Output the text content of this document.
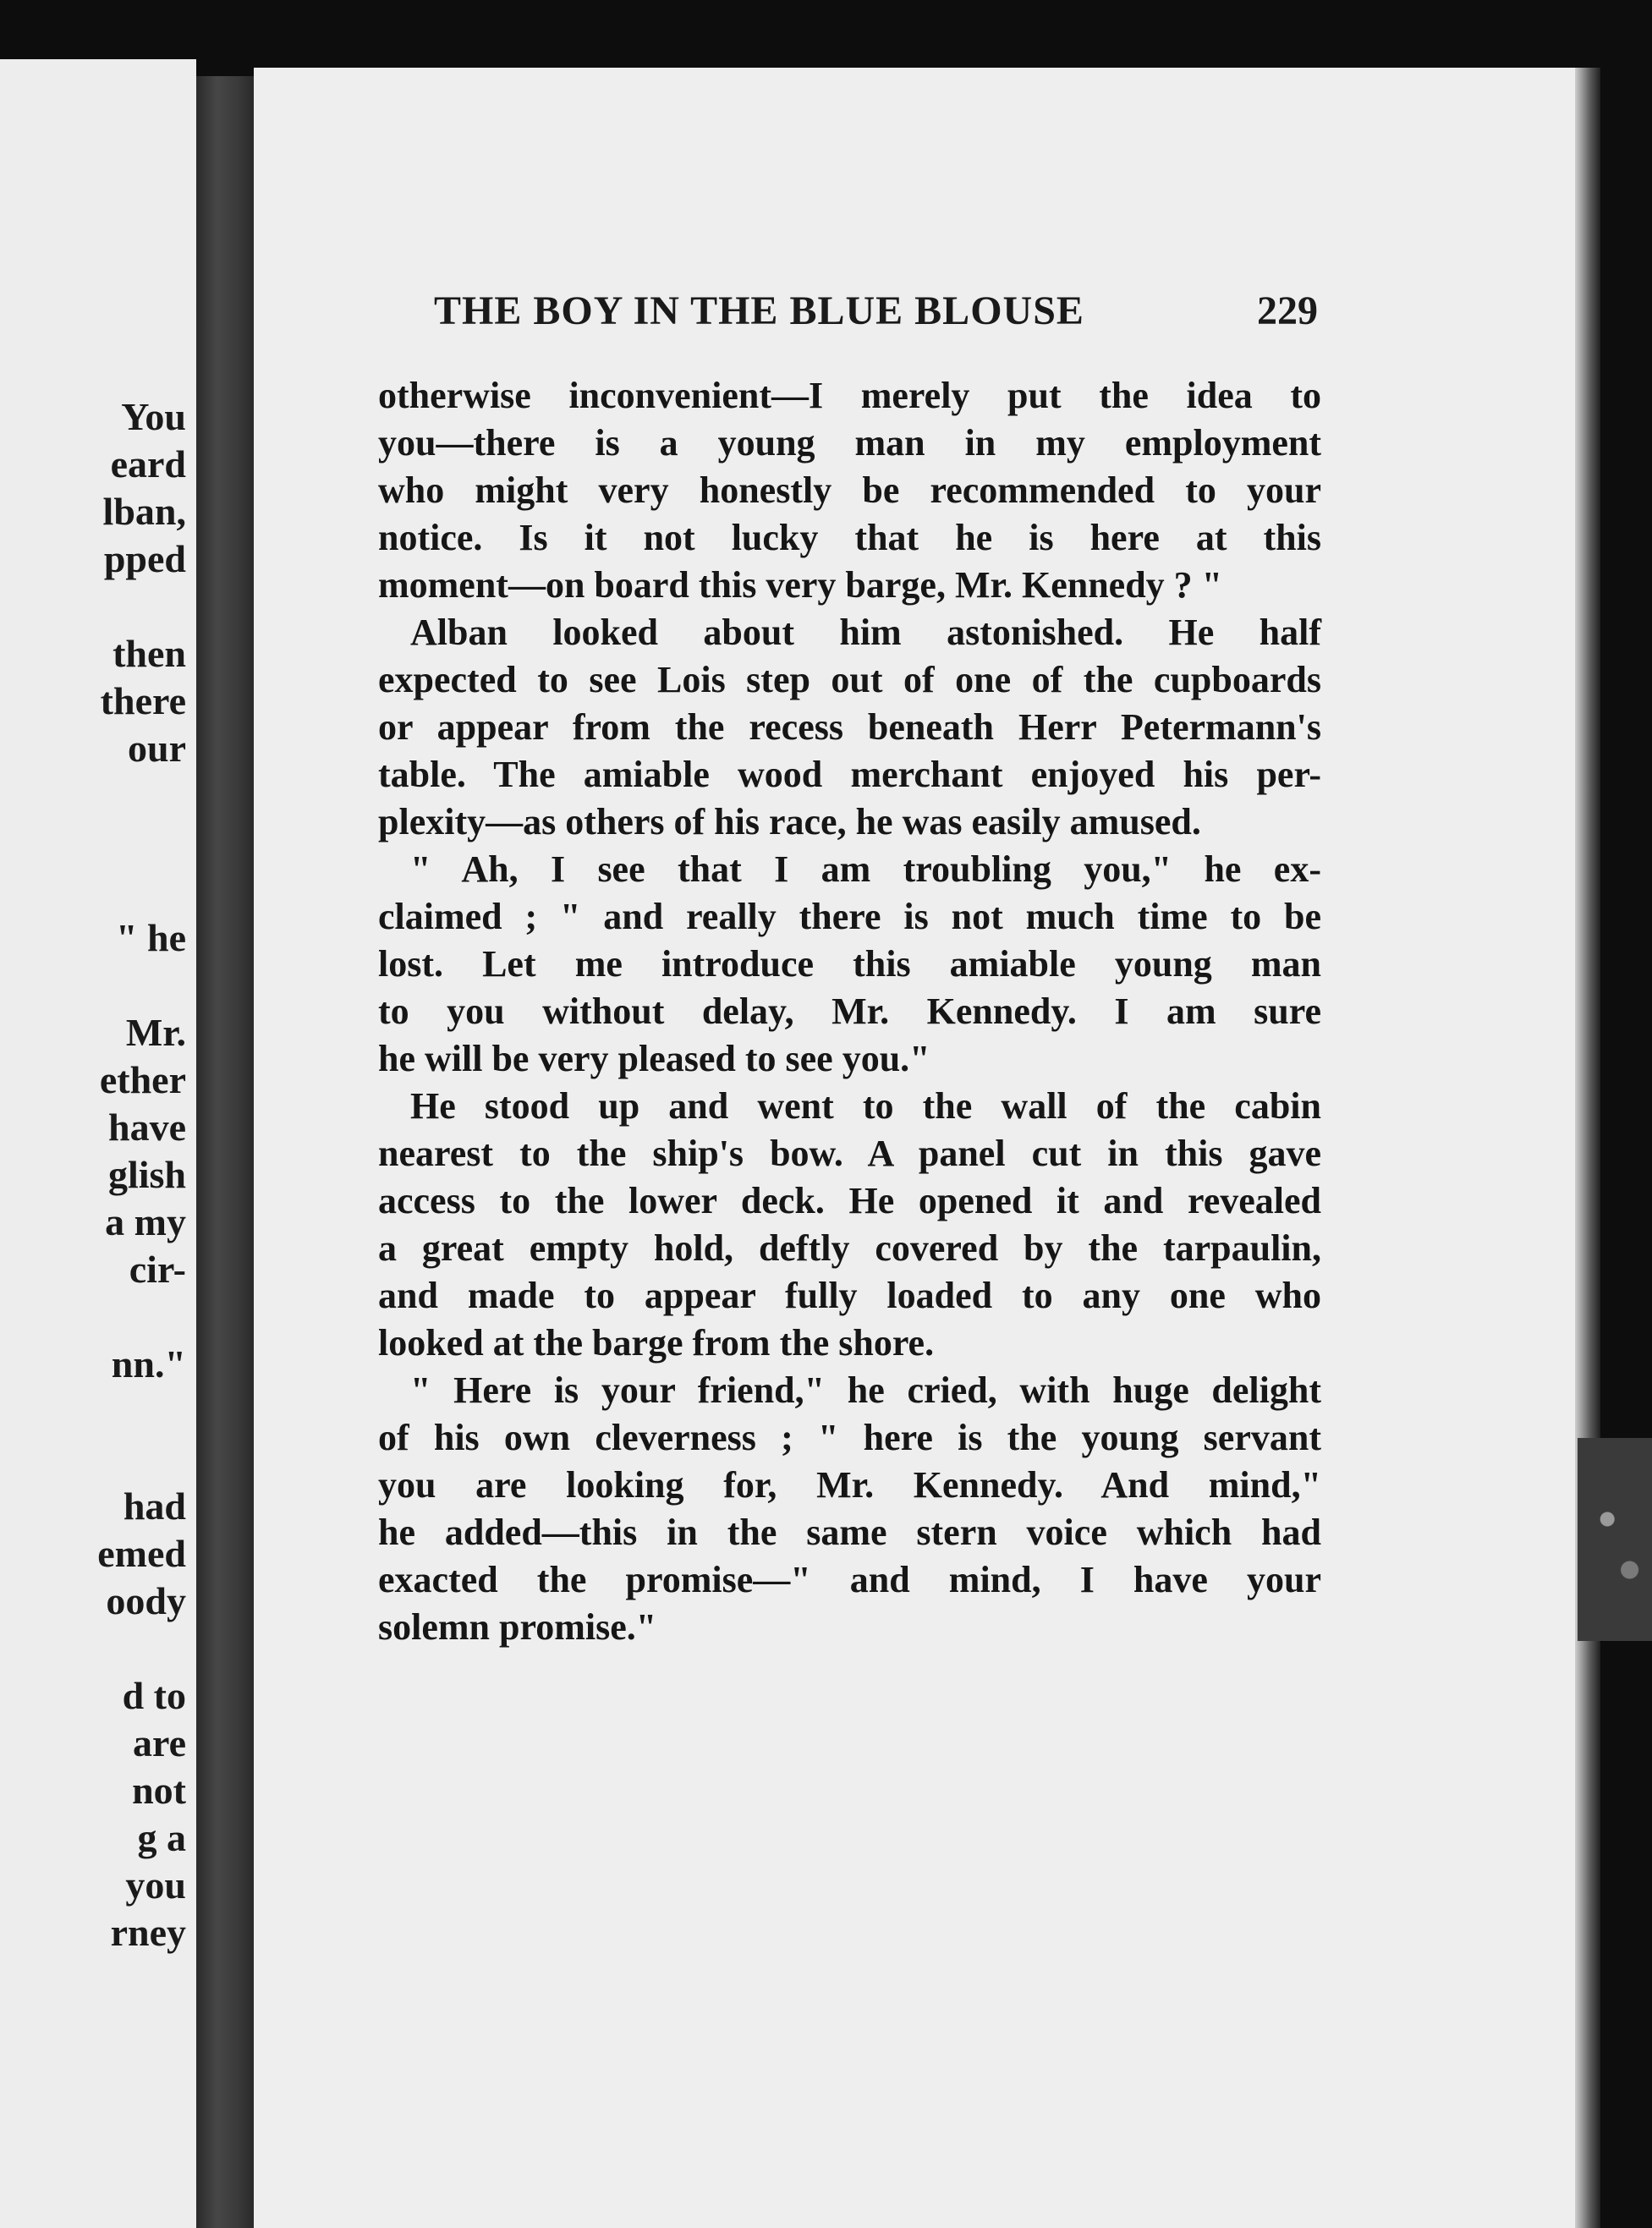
You
eard
lban,
pped
then
there
our
" he
Mr.
ether
have
glish
a my
cir-
nn."
had
emed
oody
d to
are
not
g a
you
rney
THE BOY IN THE BLUE BLOUSE	229
otherwise inconvenient—I merely put the idea to
you—there is a young man in my employment
who might very honestly be recommended to your
notice. Is it not lucky that he is here at this
moment—on board this very barge, Mr. Kennedy ? "
Alban looked about him astonished. He half
expected to see Lois step out of one of the cupboards
or appear from the recess beneath Herr Petermann's
table. The amiable wood merchant enjoyed his per-
plexity—as others of his race, he was easily amused.
" Ah, I see that I am troubling you," he ex-
claimed ; " and really there is not much time to be
lost. Let me introduce this amiable young man
to you without delay, Mr. Kennedy. I am sure
he will be very pleased to see you."
He stood up and went to the wall of the cabin
nearest to the ship's bow. A panel cut in this gave
access to the lower deck. He opened it and revealed
a great empty hold, deftly covered by the tarpaulin,
and made to appear fully loaded to any one who
looked at the barge from the shore.
" Here is your friend," he cried, with huge delight
of his own cleverness ; " here is the young servant
you are looking for, Mr. Kennedy. And mind,"
he added—this in the same stern voice which had
exacted the promise—" and mind, I have your
solemn promise."
